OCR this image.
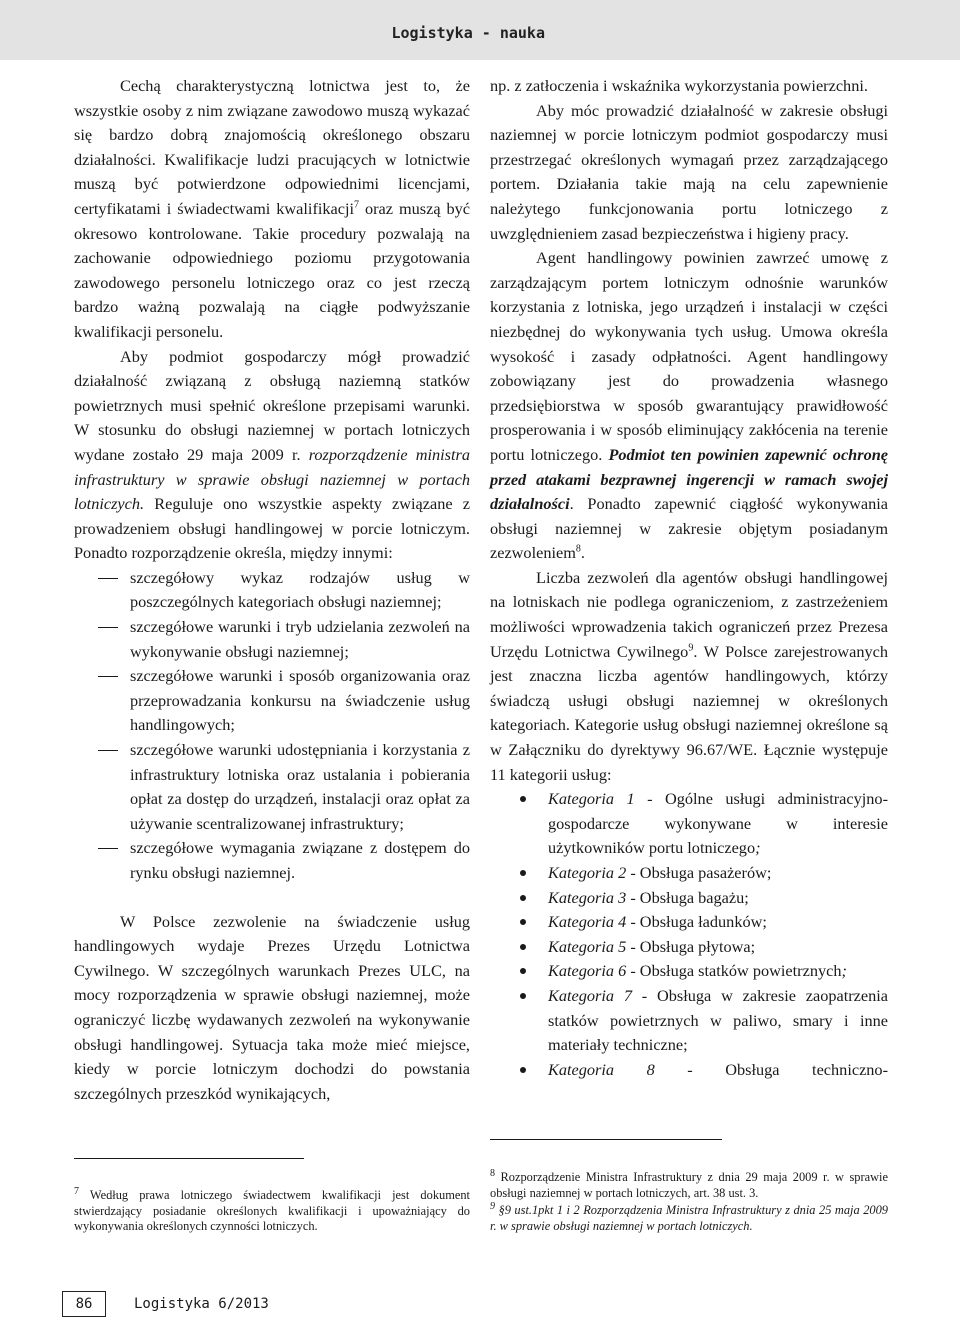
Logistyka - nauka

Cechą charakterystyczną lotnictwa jest to, że wszystkie osoby z nim związane zawodowo muszą wykazać się bardzo dobrą znajomością określonego obszaru działalności. Kwalifikacje ludzi pracujących w lotnictwie muszą być potwierdzone odpowiednimi licencjami, certyfikatami i świadectwami kwalifikacji$^7$ oraz muszą być okresowo kontrolowane. Takie procedury pozwalają na zachowanie odpowiedniego poziomu przygotowania zawodowego personelu lotniczego oraz co jest rzeczą bardzo ważną pozwalają na ciągłe podwyższanie kwalifikacji personelu.

Aby podmiot gospodarczy mógł prowadzić działalność związaną z obsługą naziemną statków powietrznych musi spełnić określone przepisami warunki. W stosunku do obsługi naziemnej w portach lotniczych wydane zostało 29 maja 2009 r. rozporządzenie ministra infrastruktury w sprawie obsługi naziemnej w portach lotniczych. Reguluje ono wszystkie aspekty związane z prowadzeniem obsługi handlingowej w porcie lotniczym. Ponadto rozporządzenie określa, między innymi:

szczegółowy wykaz rodzajów usług w poszczególnych kategoriach obsługi naziemnej;
szczegółowe warunki i tryb udzielania zezwoleń na wykonywanie obsługi naziemnej;
szczegółowe warunki i sposób organizowania oraz przeprowadzania konkursu na świadczenie usług handlingowych;
szczegółowe warunki udostępniania i korzystania z infrastruktury lotniska oraz ustalania i pobierania opłat za dostęp do urządzeń, instalacji oraz opłat za używanie scentralizowanej infrastruktury;
szczegółowe wymagania związane z dostępem do rynku obsługi naziemnej.

W Polsce zezwolenie na świadczenie usług handlingowych wydaje Prezes Urzędu Lotnictwa Cywilnego. W szczególnych warunkach Prezes ULC, na mocy rozporządzenia w sprawie obsługi naziemnej, może ograniczyć liczbę wydawanych zezwoleń na wykonywanie obsługi handlingowej. Sytuacja taka może mieć miejsce, kiedy w porcie lotniczym dochodzi do powstania szczególnych przeszkód wynikających,

np. z zatłoczenia i wskaźnika wykorzystania powierzchni.

Aby móc prowadzić działalność w zakresie obsługi naziemnej w porcie lotniczym podmiot gospodarczy musi przestrzegać określonych wymagań przez zarządzającego portem. Działania takie mają na celu zapewnienie należytego funkcjonowania portu lotniczego z uwzględnieniem zasad bezpieczeństwa i higieny pracy.

Agent handlingowy powinien zawrzeć umowę z zarządzającym portem lotniczym odnośnie warunków korzystania z lotniska, jego urządzeń i instalacji w części niezbędnej do wykonywania tych usług. Umowa określa wysokość i zasady odpłatności. Agent handlingowy zobowiązany jest do prowadzenia własnego przedsiębiorstwa w sposób gwarantujący prawidłowość prosperowania i w sposób eliminujący zakłócenia na terenie portu lotniczego. Podmiot ten powinien zapewnić ochronę przed atakami bezprawnej ingerencji w ramach swojej działalności. Ponadto zapewnić ciągłość wykonywania obsługi naziemnej w zakresie objętym posiadanym zezwoleniem$^8$.

Liczba zezwoleń dla agentów obsługi handlingowej na lotniskach nie podlega ograniczeniom, z zastrzeżeniem możliwości wprowadzenia takich ograniczeń przez Prezesa Urzędu Lotnictwa Cywilnego$^9$. W Polsce zarejestrowanych jest znaczna liczba agentów handlingowych, którzy świadczą usługi obsługi naziemnej w określonych kategoriach. Kategorie usług obsługi naziemnej określone są w Załączniku do dyrektywy 96.67/WE. Łącznie występuje 11 kategorii usług:

Kategoria 1 - Ogólne usługi administracyjno-gospodarcze wykonywane w interesie użytkowników portu lotniczego;
Kategoria 2 - Obsługa pasażerów;
Kategoria 3 - Obsługa bagażu;
Kategoria 4 - Obsługa ładunków;
Kategoria 5 - Obsługa płytowa;
Kategoria 6 - Obsługa statków powietrznych;
Kategoria 7 - Obsługa w zakresie zaopatrzenia statków powietrznych w paliwo, smary i inne materiały techniczne;
Kategoria 8 - Obsługa techniczno-

$^7$ Według prawa lotniczego świadectwem kwalifikacji jest dokument stwierdzający posiadanie określonych kwalifikacji i upoważniający do wykonywania określonych czynności lotniczych.

$^8$ Rozporządzenie Ministra Infrastruktury z dnia 29 maja 2009 r. w sprawie obsługi naziemnej w portach lotniczych, art. 38 ust. 3.

$^9$ §9 ust.1pkt 1 i 2 Rozporządzenia Ministra Infrastruktury z dnia 25 maja 2009 r. w sprawie obsługi naziemnej w portach lotniczych.

86	Logistyka 6/2013
